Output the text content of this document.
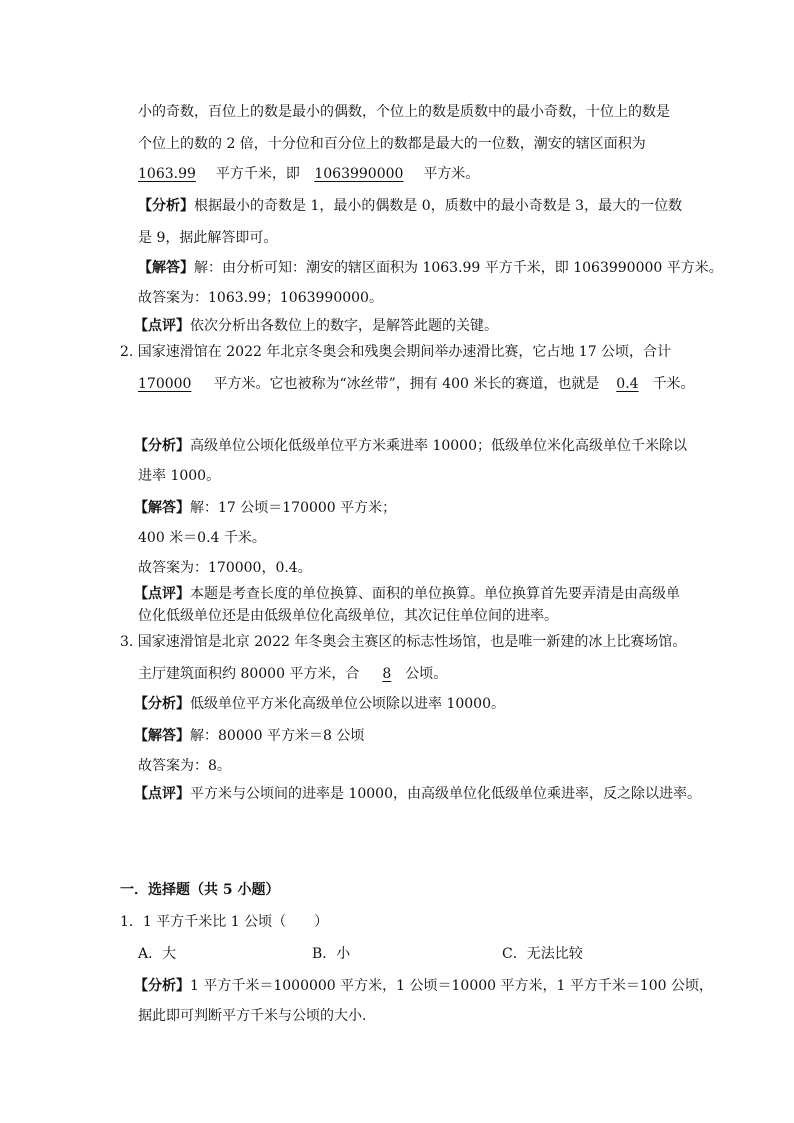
小的奇数，百位上的数是最小的偶数，个位上的数是质数中的最小奇数，十位上的数是
个位上的数的 2 倍，十分位和百分位上的数都是最大的一位数，潮安的辖区面积为
1063.99 平方千米，即 1063990000 平方米。
【分析】根据最小的奇数是 1，最小的偶数是 0，质数中的最小奇数是 3，最大的一位数
是 9，据此解答即可。
【解答】解：由分析可知：潮安的辖区面积为 1063.99 平方千米，即 1063990000 平方米。
故答案为：1063.99；1063990000。
【点评】依次分析出各数位上的数字，是解答此题的关键。
2. 国家速滑馆在 2022 年北京冬奥会和残奥会期间举办速滑比赛，它占地 17 公顷，合计
170000 平方米。它也被称为“冰丝带”，拥有 400 米长的赛道，也就是 0.4 千米。
【分析】高级单位公顷化低级单位平方米乘进率 10000；低级单位米化高级单位千米除以
进率 1000。
【解答】解：17 公顷＝170000 平方米；
400 米＝0.4 千米。
故答案为：170000，0.4。
【点评】本题是考查长度的单位换算、面积的单位换算。单位换算首先要弄清是由高级单
位化低级单位还是由低级单位化高级单位，其次记住单位间的进率。
3. 国家速滑馆是北京 2022 年冬奥会主赛区的标志性场馆，也是唯一新建的冰上比赛场馆。
主厅建筑面积约 80000 平方米，合 8 公顷。
【分析】低级单位平方米化高级单位公顷除以进率 10000。
【解答】解：80000 平方米＝8 公顷
故答案为：8。
【点评】平方米与公顷间的进率是 10000，由高级单位化低级单位乘进率，反之除以进率。
一．选择题（共 5 小题）
1．1 平方千米比 1 公顷（　　）
A．大	B．小	C．无法比较
【分析】1 平方千米＝1000000 平方米，1 公顷＝10000 平方米，1 平方千米＝100 公顷，
据此即可判断平方千米与公顷的大小．
